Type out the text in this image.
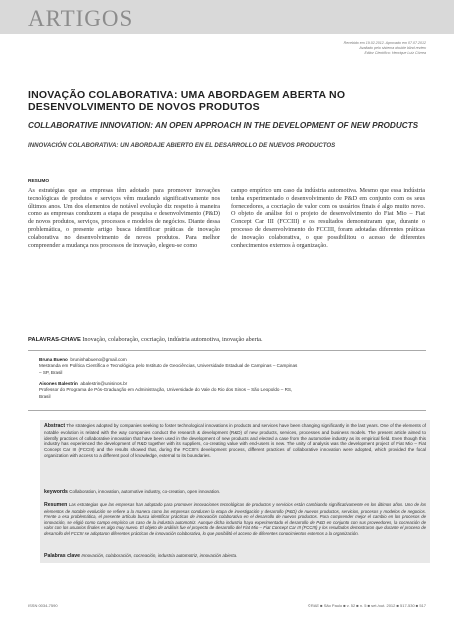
ARTIGOS
Recebido em 19.02.2012. Aprovado em 07.07.2012
Avaliado pelo sistema double blind review
Editor Científico: Henrique Luiz Côrrea
INOVAÇÃO COLABORATIVA: UMA ABORDAGEM ABERTA NO DESENVOLVIMENTO DE NOVOS PRODUTOS
COLLABORATIVE INNOVATION: AN OPEN APPROACH IN THE DEVELOPMENT OF NEW PRODUCTS
INNOVACIÓN COLABORATIVA: UN ABORDAJE ABIERTO EN EL DESARROLLO DE NUEVOS PRODUCTOS
RESUMO
As estratégias que as empresas têm adotado para promover inovações tecnológicas de produtos e serviços vêm mudando significativamente nos últimos anos. Um dos elementos de notável evolução diz respeito à maneira como as empresas conduzem a etapa de pesquisa e desenvolvimento (P&D) de novos produtos, serviços, processos e modelos de negócios. Diante dessa problemática, o presente artigo busca identificar práticas de inovação colaborativa no desenvolvimento de novos produtos. Para melhor compreender a mudança nos processos de inovação, elegeu-se como
campo empírico um caso da indústria automotiva. Mesmo que essa indústria tenha experimentado o desenvolvimento de P&D em conjunto com os seus fornecedores, a cocriação de valor com os usuários finais é algo muito novo. O objeto de análise foi o projeto de desenvolvimento do Fiat Mio – Fiat Concept Car III (FCCIII) e os resultados demonstraram que, durante o processo de desenvolvimento do FCCIII, foram adotadas diferentes práticas de inovação colaborativa, o que possibilitou o acesso de diferentes conhecimentos externos à organização.
PALAVRAS-CHAVE Inovação, colaboração, cocriação, indústria automotiva, inovação aberta.
Bruna Bueno bruninhabueno@gmail.com
Mestranda em Política Científica e Tecnológica pelo Instituto de Geociências, Universidade Estadual de Campinas – Campinas
– SP, Brasil
Aisones Balestrin abalestrin@unisinos.br
Professor do Programa de Pós-Graduação em Administração, Universidade do Vale do Rio dos Sinos – São Leopoldo – RS,
Brasil
Abstract The strategies adopted by companies seeking to foster technological innovations in products and services have been changing significantly in the last years. One of the elements of notable evolution is related with the way companies conduct the research & development (R&D) of new products, services, processes and business models. The present article aimed to identify practices of collaborative innovation that have been used in the development of new products and elected a case from the automotive industry as its empirical field. Even though this industry has experienced the development of R&D together with its suppliers, co-creating value with end-users is new. The unity of analysis was the development project of Fiat Mio – Fiat Concept Car III (FCCIII) and the results showed that, during the FCCIII's development process, different practices of collaborative innovation were adopted, which provided the focal organization with access to a different pool of knowledge, external to its boundaries.
keywords Collaboration, innovation, automotive industry, co-creation, open innovation.
Resumen Las estrategias que las empresas han adoptado para promover innovaciones tecnológicas de productos y servicios están cambiando significativamente en los últimos años. Uno de los elementos de notable evolución se refiere a la manera como las empresas conducen la etapa de investigación y desarrollo (P&D) de nuevos productos, servicios, procesos y modelos de negocios. Frente a esa problemática, el presente artículo busca identificar prácticas de innovación colaborativa en el desarrollo de nuevos productos. Para comprender mejor el cambio en los procesos de innovación, se eligió como campo empírico un caso de la industria automotriz. Aunque dicha industria haya experimentado el desarrollo de P&D en conjunto con sus proveedores, la cocreación de valor con los usuarios finales es algo muy nuevo. El objeto de análisis fue el proyecto de desarrollo del Fiat Mio – Fiat Concept Car III (FCCIII) y los resultados demostraron que durante el proceso de desarrollo del FCCIII se adoptaron diferentes prácticas de innovación colaborativa, lo que posibilitó el acceso de diferentes conocimientos externos a la organización.
Palabras clave Innovación, colaboración, cocreación, industria automotriz, innovación abierta.
ISSN 0034-7590	©RAE ■ São Paulo ■ v. 52 ■ n. 5 ■ set./out. 2012 ■ 517-530 ■ 517
